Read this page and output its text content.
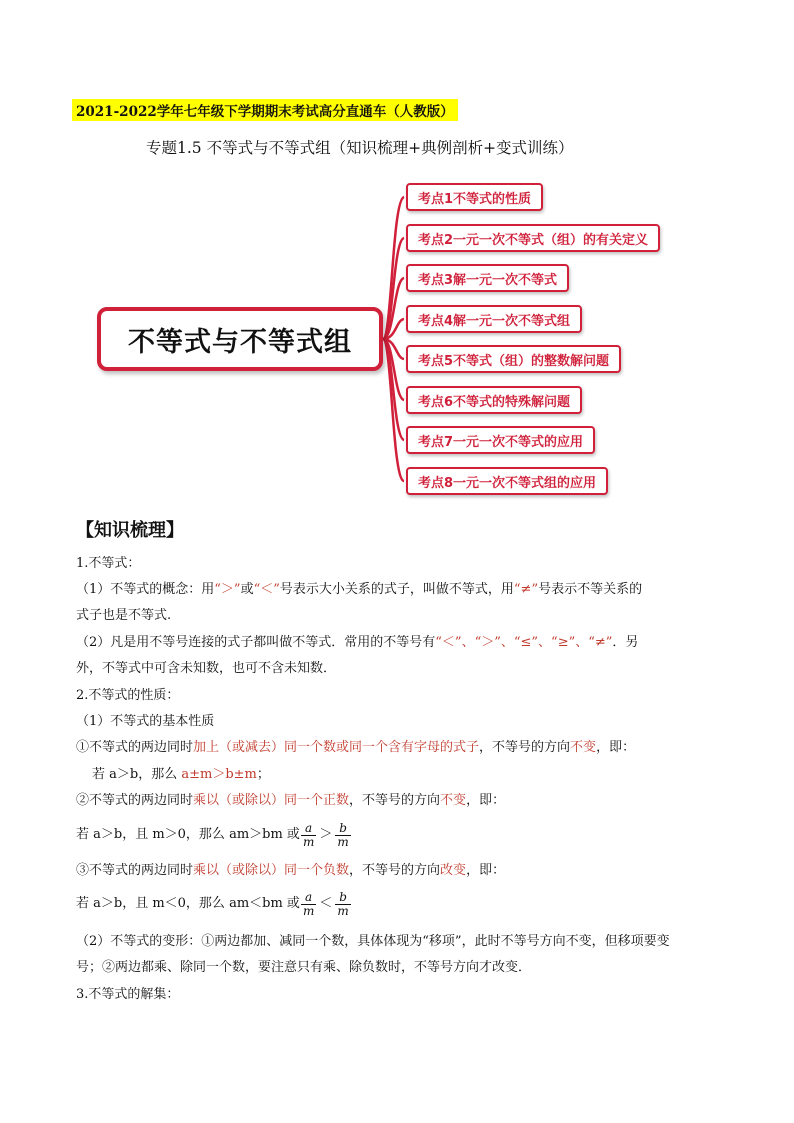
2021-2022学年七年级下学期期末考试高分直通车（人教版）
专题1.5 不等式与不等式组（知识梳理+典例剖析+变式训练）
不等式与不等式组
考点1不等式的性质
考点2一元一次不等式（组）的有关定义
考点3解一元一次不等式
考点4解一元一次不等式组
考点5不等式（组）的整数解问题
考点6不等式的特殊解问题
考点7一元一次不等式的应用
考点8一元一次不等式组的应用
【知识梳理】
1.不等式：
（1）不等式的概念：用“＞”或“＜”号表示大小关系的式子，叫做不等式，用“≠”号表示不等关系的
式子也是不等式.
（2）凡是用不等号连接的式子都叫做不等式．常用的不等号有“＜”、“＞”、“≤”、“≥”、“≠”．另
外，不等式中可含未知数，也可不含未知数．
2.不等式的性质：
（1）不等式的基本性质
①不等式的两边同时加上（或减去）同一个数或同一个含有字母的式子，不等号的方向不变，即：
若 a＞b，那么 a±m＞b±m；
②不等式的两边同时乘以（或除以）同一个正数，不等号的方向不变，即：
若 a＞b，且 m＞0，那么 am＞bm 或 $\frac{a}{m} > \frac{b}{m}$
③不等式的两边同时乘以（或除以）同一个负数，不等号的方向改变，即：
若 a＞b，且 m＜0，那么 am＜bm 或 $\frac{a}{m} < \frac{b}{m}$
（2）不等式的变形：①两边都加、减同一个数，具体体现为“移项”，此时不等号方向不变，但移项要变
号；②两边都乘、除同一个数，要注意只有乘、除负数时，不等号方向才改变．
3.不等式的解集：
